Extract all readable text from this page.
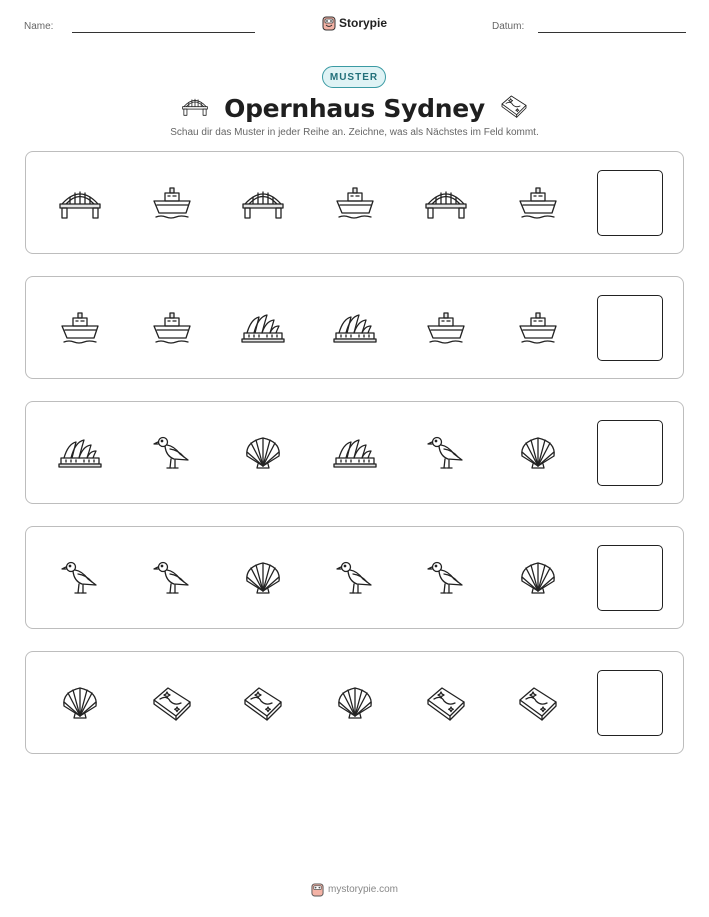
Name:	Storypie	Datum:
MUSTER
Opernhaus Sydney
Schau dir das Muster in jeder Reihe an. Zeichne, was als Nächstes im Feld kommt.
mystorypie.com
